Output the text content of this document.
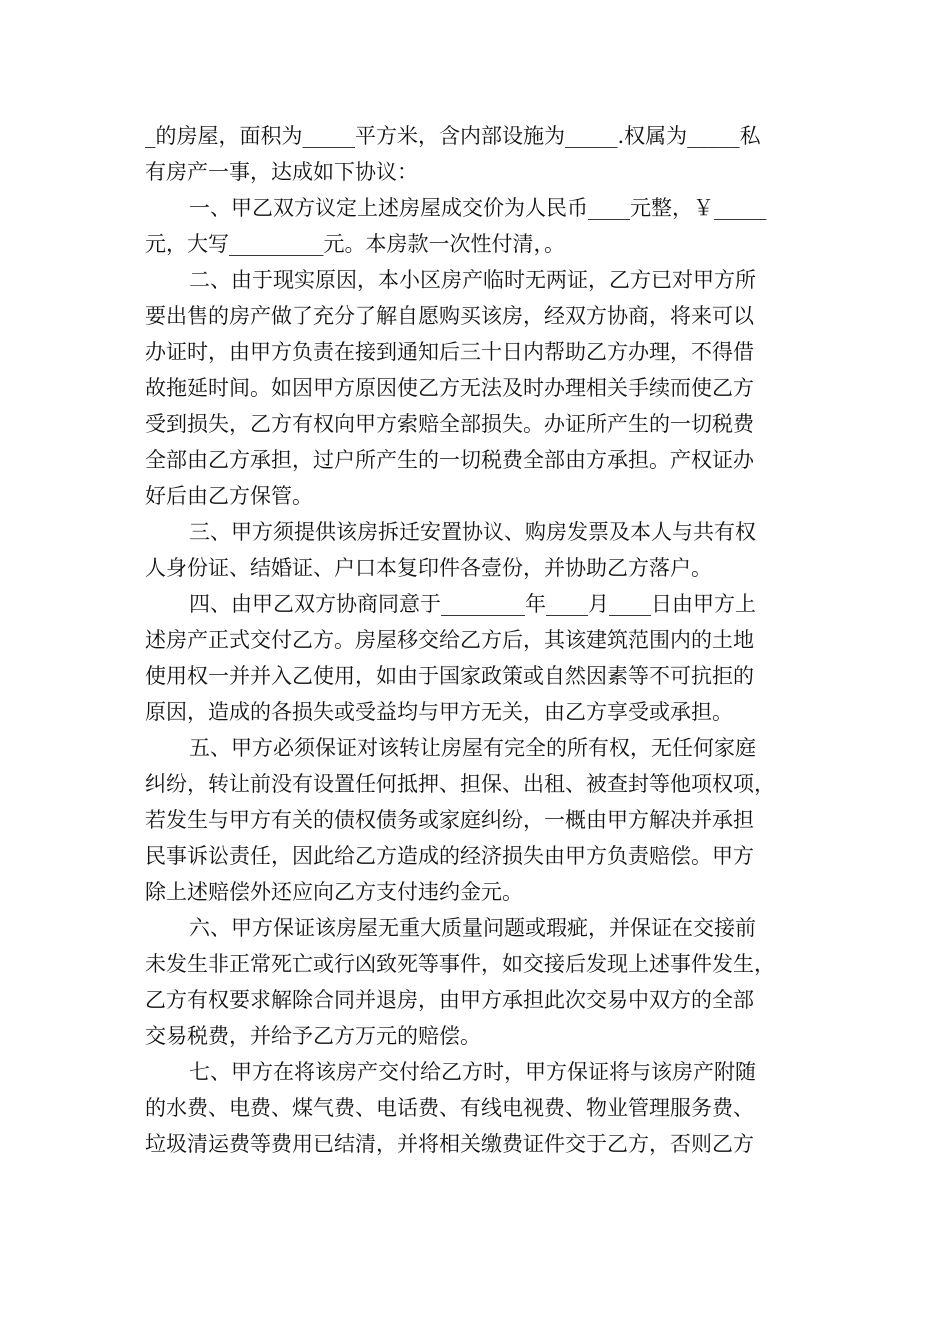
_的房屋，面积为_____平方米，含内部设施为_____.权属为_____私
有房产一事，达成如下协议：
一、甲乙双方议定上述房屋成交价为人民币____元整，￥_____
元，大写_________元。本房款一次性付清，。
二、由于现实原因，本小区房产临时无两证，乙方已对甲方所
要出售的房产做了充分了解自愿购买该房，经双方协商，将来可以
办证时，由甲方负责在接到通知后三十日内帮助乙方办理，不得借
故拖延时间。如因甲方原因使乙方无法及时办理相关手续而使乙方
受到损失，乙方有权向甲方索赔全部损失。办证所产生的一切税费
全部由乙方承担，过户所产生的一切税费全部由方承担。产权证办
好后由乙方保管。
三、甲方须提供该房拆迁安置协议、购房发票及本人与共有权
人身份证、结婚证、户口本复印件各壹份，并协助乙方落户。
四、由甲乙双方协商同意于________年____月____日由甲方上
述房产正式交付乙方。房屋移交给乙方后，其该建筑范围内的土地
使用权一并并入乙使用，如由于国家政策或自然因素等不可抗拒的
原因，造成的各损失或受益均与甲方无关，由乙方享受或承担。
五、甲方必须保证对该转让房屋有完全的所有权，无任何家庭
纠纷，转让前没有设置任何抵押、担保、出租、被查封等他项权项，
若发生与甲方有关的债权债务或家庭纠纷，一概由甲方解决并承担
民事诉讼责任，因此给乙方造成的经济损失由甲方负责赔偿。甲方
除上述赔偿外还应向乙方支付违约金元。
六、甲方保证该房屋无重大质量问题或瑕疵，并保证在交接前
未发生非正常死亡或行凶致死等事件，如交接后发现上述事件发生，
乙方有权要求解除合同并退房，由甲方承担此次交易中双方的全部
交易税费，并给予乙方万元的赔偿。
七、甲方在将该房产交付给乙方时，甲方保证将与该房产附随
的水费、电费、煤气费、电话费、有线电视费、物业管理服务费、
垃圾清运费等费用已结清，并将相关缴费证件交于乙方，否则乙方
